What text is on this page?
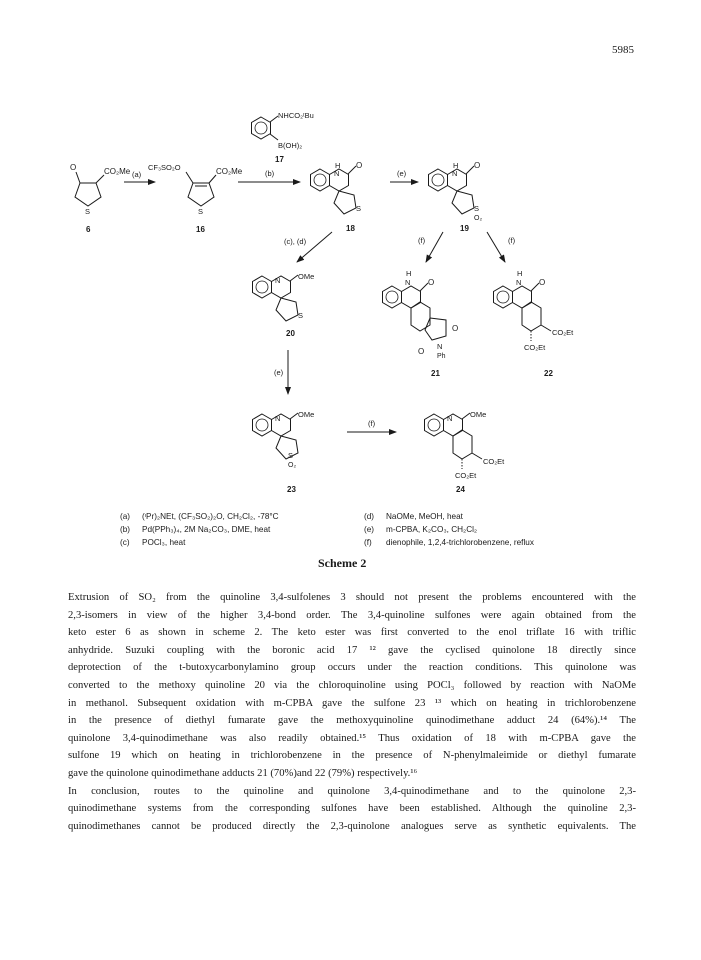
5985
O	CO₂Me
S
6
(a)
CF₃SO₂O	CO₂Me
S
16
NHCO₂ᵗBu
B(OH)₂
17
(b)
H
N
O
S
18
(e)
H
N
O
S
O₂
19
(c), (d)	(f)	(f)
N OMe
S
20
H
N O
O
O
N
Ph
21
H
N O
CO₂Et
CO₂Et
22
(e)
N OMe
S
O₂
23
(f)
N OMe
CO₂Et
CO₂Et
24
(a) (ᶦPr)₂NEt, (CF₃SO₂)₂O, CH₂Cl₂, -78°C
(b) Pd(PPh₃)₄, 2M Na₂CO₃, DME, heat
(c) POCl₃, heat
(d) NaOMe, MeOH, heat
(e) m-CPBA, K₂CO₃, CH₂Cl₂
(f) dienophile, 1,2,4-trichlorobenzene, reflux
Scheme 2
Extrusion of SO₂ from the quinoline 3,4-sulfolenes 3 should not present the problems encountered with the
2,3-isomers in view of the higher 3,4-bond order. The 3,4-quinoline sulfones were again obtained from the
keto ester 6 as shown in scheme 2. The keto ester was first converted to the enol triflate 16 with triflic
anhydride. Suzuki coupling with the boronic acid 17 ¹² gave the cyclised quinolone 18 directly since
deprotection of the t-butoxycarbonylamino group occurs under the reaction conditions. This quinolone was
converted to the methoxy quinoline 20 via the chloroquinoline using POCl₃ followed by reaction with NaOMe
in methanol. Subsequent oxidation with m-CPBA gave the sulfone 23 ¹³ which on heating in trichlorobenzene
in the presence of diethyl fumarate gave the methoxyquinoline quinodimethane adduct 24 (64%).¹⁴ The
quinolone 3,4-quinodimethane was also readily obtained.¹⁵ Thus oxidation of 18 with m-CPBA gave the
sulfone 19 which on heating in trichlorobenzene in the presence of N-phenylmaleimide or diethyl fumarate
gave the quinolone quinodimethane adducts 21 (70%)and 22 (79%) respectively.¹⁶
In conclusion, routes to the quinoline and quinolone 3,4-quinodimethane and to the quinolone 2,3-
quinodimethane systems from the corresponding sulfones have been established. Although the quinoline 2,3-
quinodimethanes cannot be produced directly the 2,3-quinolone analogues serve as synthetic equivalents. The
